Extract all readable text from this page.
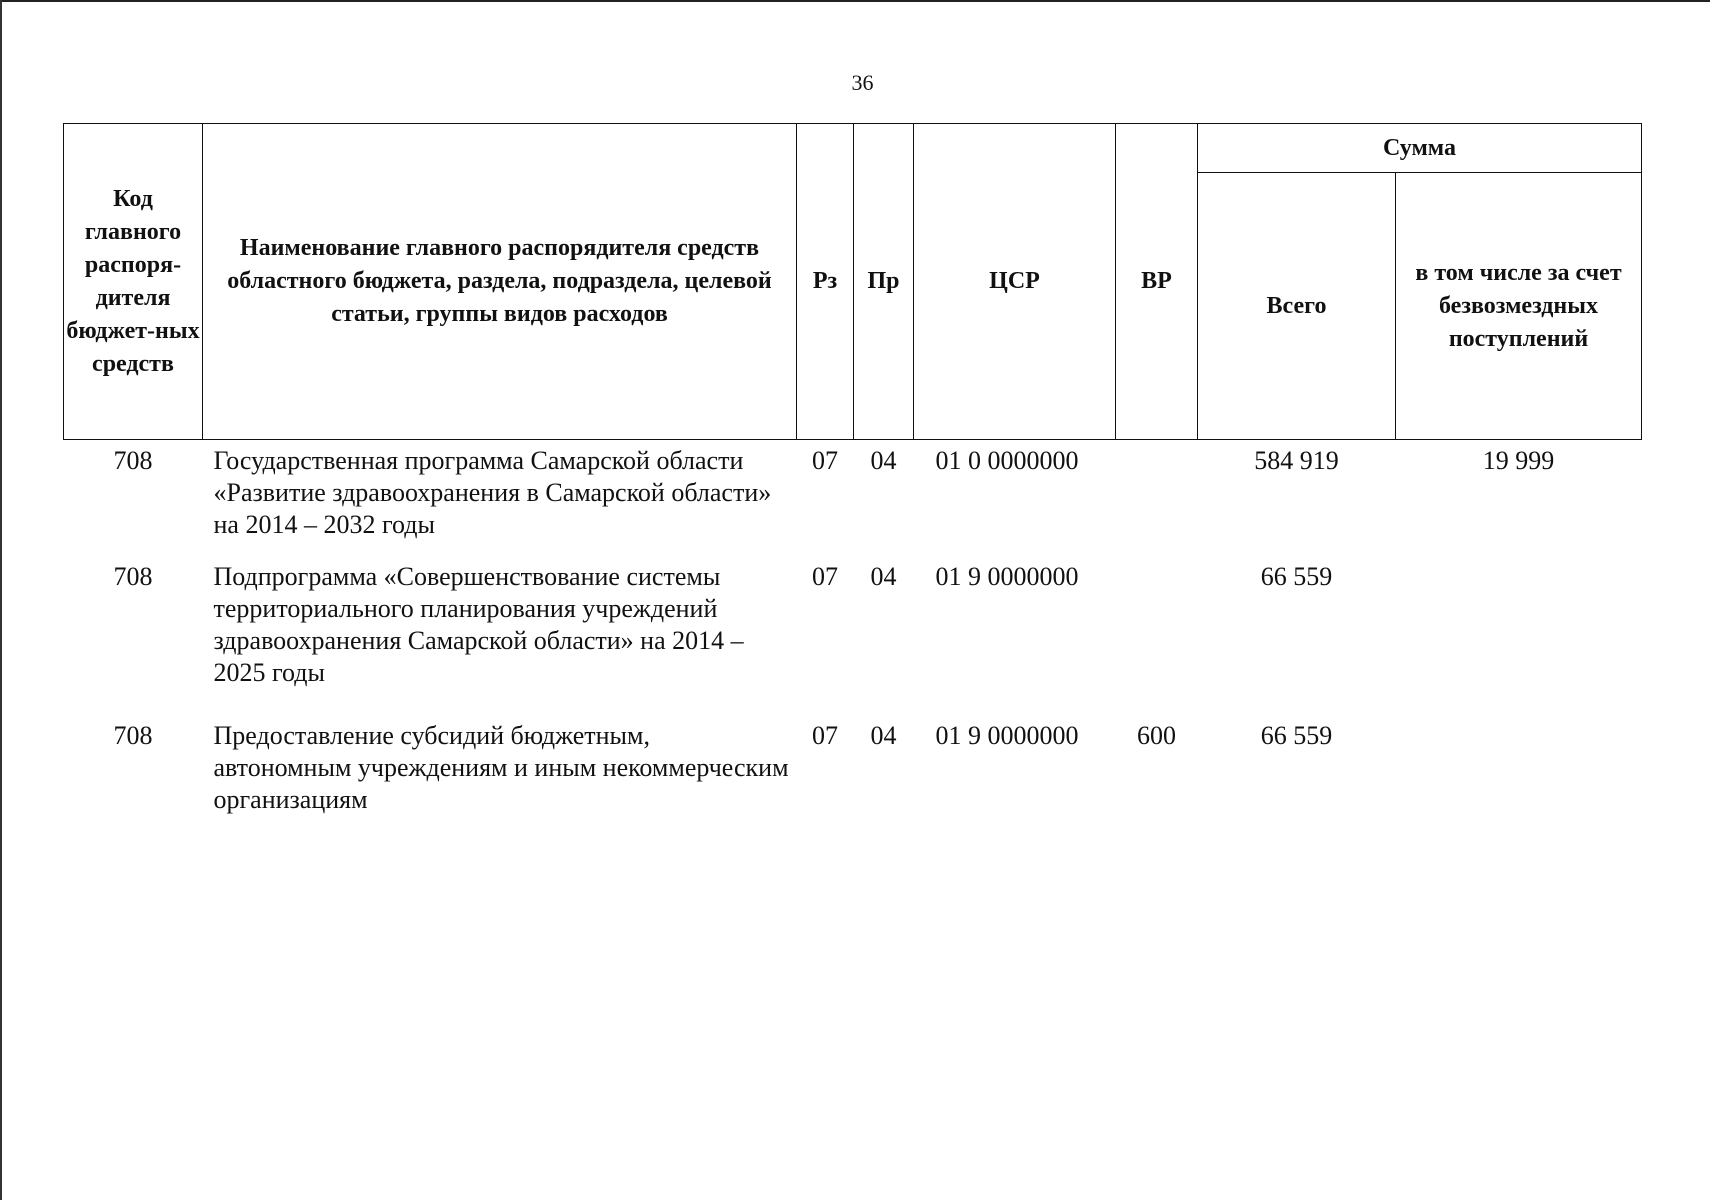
36
Код главного распоря-дителя бюджет-ных средств	Наименование главного распорядителя средств областного бюджета, раздела, подраздела, целевой статьи, группы видов расходов	Рз	Пр	ЦСР	ВР	Сумма	
						Всего	в том числе за счет безвозмездных поступлений
708	Государственная программа Самарской области «Развитие здравоохранения в Самарской области» на 2014 – 2032 годы	07	04	01 0 0000000		584 919	19 999
708	Подпрограмма «Совершенствование системы территориального планирования учреждений здравоохранения Самарской области» на 2014 – 2025 годы	07	04	01 9 0000000		66 559	
708	Предоставление субсидий бюджетным, автономным учреждениям и иным некоммерческим организациям	07	04	01 9 0000000	600	66 559	
